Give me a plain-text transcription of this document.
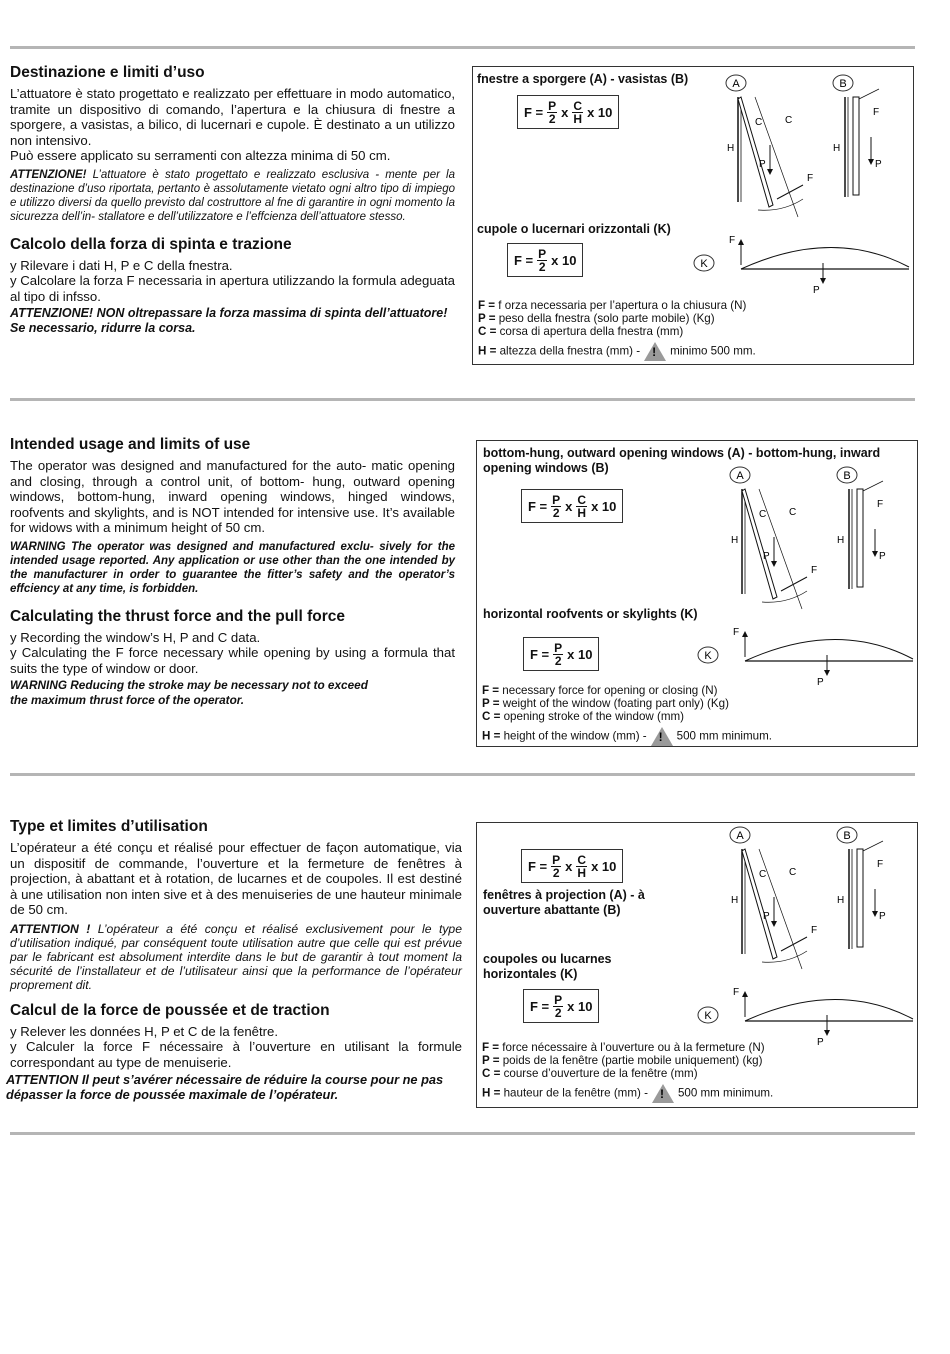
Destinazione e limiti d’uso

L’attuatore è stato progettato e realizzato per effettuare in modo automatico, tramite un dispositivo di comando, l’apertura e la chiusura di fnestre a sporgere, a vasistas, a bilico, di lucernari e cupole. È destinato a un utilizzo non intensivo.

Può essere applicato su serramenti con altezza minima di 50 cm.

ATTENZIONE! L’attuatore è stato progettato e realizzato esclusiva - mente per la destinazione d’uso riportata, pertanto è assolutamente vietato ogni altro tipo di impiego e utilizzo diversi da quello previsto dal costruttore al fne di garantire in ogni momento la sicurezza dell’in- stallatore e dell’utilizzatore e l’effcienza dell’attuatore stesso.

Calcolo della forza di spinta e trazione

y Rilevare i dati H, P e C della fnestra.

y Calcolare la forza F necessaria in apertura utilizzando la formula adeguata al tipo di infsso.

ATTENZIONE! NON oltrepassare la forza massima di spinta dell’attuatore! Se necessario, ridurre la corsa.

fnestre a sporgere (A) - vasistas (B)
$F = \frac{P}{2}$ x $\frac{C}{H}$ x 10
cupole o lucernari orizzontali (K)
$F = \frac{P}{2}$ x 10
A	B
K
H
C C
P
F
H
P
F
F
P
F = f orza necessaria per l’apertura o la chiusura (N)
P = peso della fnestra (solo parte mobile) (Kg)
C = corsa di apertura della fnestra (mm)
H = altezza della fnestra (mm) - ! minimo 500 mm.
Intended usage and limits of use

The operator was designed and manufactured for the auto- matic opening and closing, through a control unit, of bottom- hung, outward opening windows, bottom-hung, inward opening windows, hinged windows, roofvents and skylights, and is NOT intended for intensive use. It’s available for widows with a minimum height of 50 cm.

WARNING The operator was designed and manufactured exclu- sively for the intended usage reported. Any application or use other than the one intended by the manufacturer in order to guarantee the fitter’s safety and the operator’s effciency at any time, is forbidden.

Calculating the thrust force and the pull force

y Recording the window’s H, P and C data.

y Calculating the F force necessary while opening by using a formula that suits the type of window or door.

WARNING Reducing the stroke may be necessary not to exceed

the maximum thrust force of the operator.

bottom-hung, outward opening windows (A) - bottom-hung, inward opening windows (B)
$F = \frac{P}{2}$ x $\frac{C}{H}$ x 10
horizontal roofvents or skylights (K)
$F = \frac{P}{2}$ x 10
A	B
K
H
C C
P
F
H
P
F
F
P
F = necessary force for opening or closing (N)
P = weight of the window (foating part only) (Kg)
C = opening stroke of the window (mm)
H = height of the window (mm) - ! 500 mm minimum.
Type et limites d’utilisation

L’opérateur a été conçu et réalisé pour effectuer de façon automatique, via un dispositif de commande, l’ouverture et la fermeture de fenêtres à projection, à abattant et à rotation, de lucarnes et de coupoles. Il est destiné à une utilisation non inten sive et à des menuiseries de une hauteur minimale de 50 cm.

ATTENTION ! L’opérateur a été conçu et réalisé exclusivement pour le type d’utilisation indiqué, par conséquent toute utilisation autre que celle qui est prévue par le fabricant est absolument interdite dans le but de garantir à tout moment la sécurité de l’installateur et de l’utilisateur ainsi que la performance de l’opérateur proprement dit.

Calcul de la force de poussée et de traction

y Relever les données H, P et C de la fenêtre.

y Calculer la force F nécessaire à l’ouverture en utilisant la formule correspondant au type de menuiserie.

ATTENTION Il peut s’avérer nécessaire de réduire la course pour ne pas dépasser la force de poussée maximale de l’opérateur.

$F = \frac{P}{2}$ x $\frac{C}{H}$ x 10
fenêtres à projection (A) - à ouverture abattante (B)
coupoles ou lucarnes horizontales (K)
$F = \frac{P}{2}$ x 10
A	B
K
H
C C
P
F
H
P
F
F
P
F = force nécessaire à l’ouverture ou à la fermeture (N)
P = poids de la fenêtre (partie mobile uniquement) (kg)
C = course d’ouverture de la fenêtre (mm)
H = hauteur de la fenêtre (mm) - ! 500 mm minimum.
